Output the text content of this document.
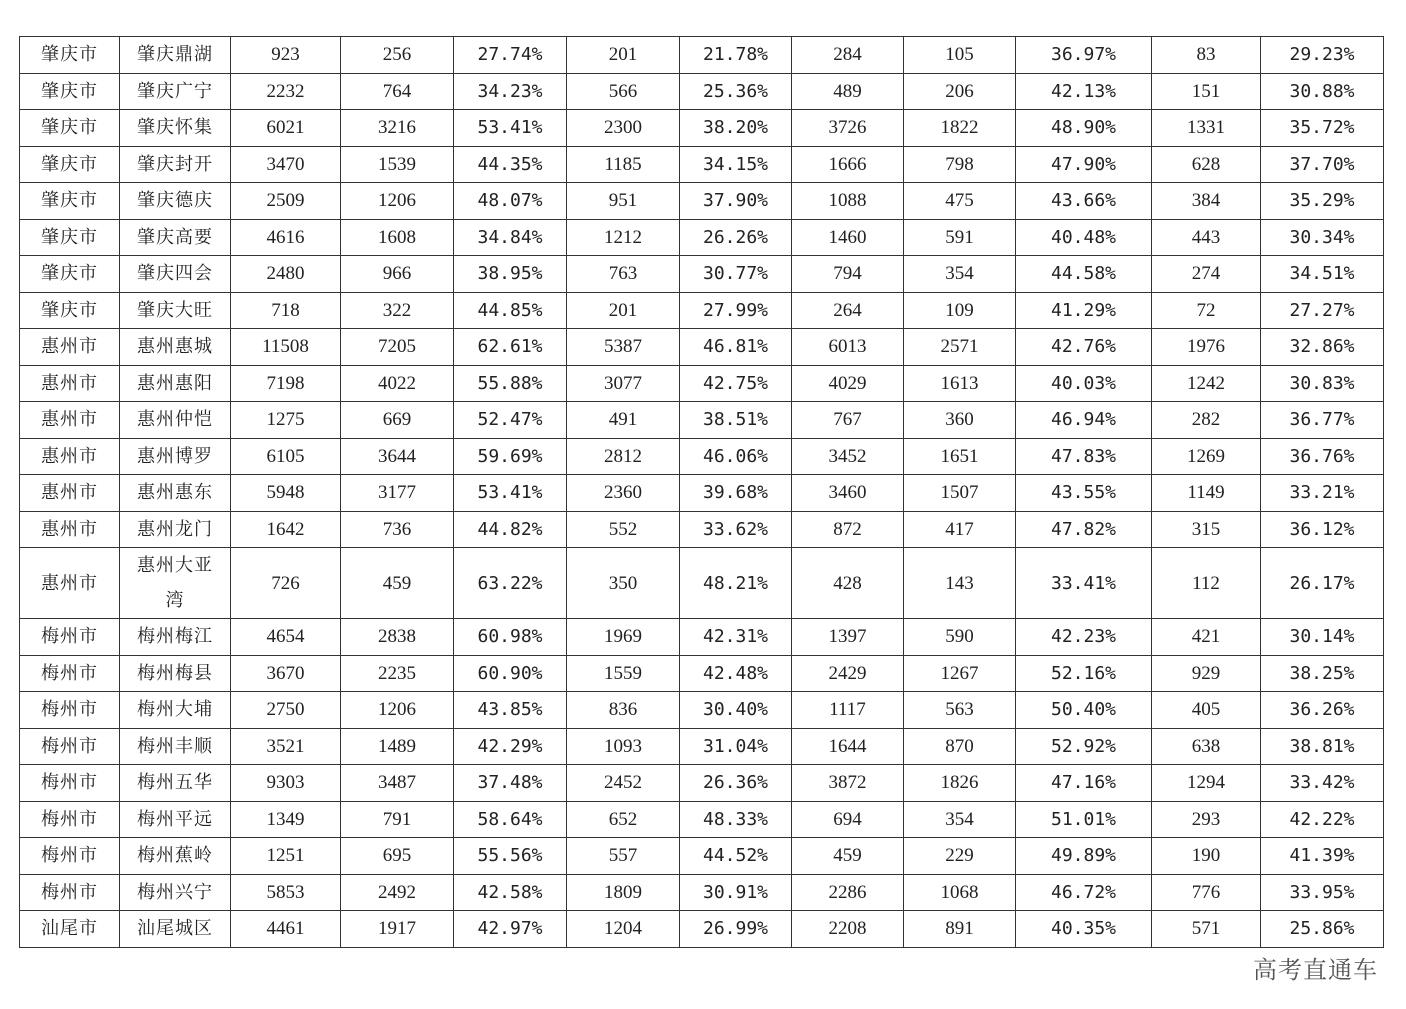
肇庆市	肇庆鼎湖	923	256	27.74%	201	21.78%	284	105	36.97%	83	29.23%
肇庆市	肇庆广宁	2232	764	34.23%	566	25.36%	489	206	42.13%	151	30.88%
肇庆市	肇庆怀集	6021	3216	53.41%	2300	38.20%	3726	1822	48.90%	1331	35.72%
肇庆市	肇庆封开	3470	1539	44.35%	1185	34.15%	1666	798	47.90%	628	37.70%
肇庆市	肇庆德庆	2509	1206	48.07%	951	37.90%	1088	475	43.66%	384	35.29%
肇庆市	肇庆高要	4616	1608	34.84%	1212	26.26%	1460	591	40.48%	443	30.34%
肇庆市	肇庆四会	2480	966	38.95%	763	30.77%	794	354	44.58%	274	34.51%
肇庆市	肇庆大旺	718	322	44.85%	201	27.99%	264	109	41.29%	72	27.27%
惠州市	惠州惠城	11508	7205	62.61%	5387	46.81%	6013	2571	42.76%	1976	32.86%
惠州市	惠州惠阳	7198	4022	55.88%	3077	42.75%	4029	1613	40.03%	1242	30.83%
惠州市	惠州仲恺	1275	669	52.47%	491	38.51%	767	360	46.94%	282	36.77%
惠州市	惠州博罗	6105	3644	59.69%	2812	46.06%	3452	1651	47.83%	1269	36.76%
惠州市	惠州惠东	5948	3177	53.41%	2360	39.68%	3460	1507	43.55%	1149	33.21%
惠州市	惠州龙门	1642	736	44.82%	552	33.62%	872	417	47.82%	315	36.12%
惠州市	惠州大亚湾	726	459	63.22%	350	48.21%	428	143	33.41%	112	26.17%
梅州市	梅州梅江	4654	2838	60.98%	1969	42.31%	1397	590	42.23%	421	30.14%
梅州市	梅州梅县	3670	2235	60.90%	1559	42.48%	2429	1267	52.16%	929	38.25%
梅州市	梅州大埔	2750	1206	43.85%	836	30.40%	1117	563	50.40%	405	36.26%
梅州市	梅州丰顺	3521	1489	42.29%	1093	31.04%	1644	870	52.92%	638	38.81%
梅州市	梅州五华	9303	3487	37.48%	2452	26.36%	3872	1826	47.16%	1294	33.42%
梅州市	梅州平远	1349	791	58.64%	652	48.33%	694	354	51.01%	293	42.22%
梅州市	梅州蕉岭	1251	695	55.56%	557	44.52%	459	229	49.89%	190	41.39%
梅州市	梅州兴宁	5853	2492	42.58%	1809	30.91%	2286	1068	46.72%	776	33.95%
汕尾市	汕尾城区	4461	1917	42.97%	1204	26.99%	2208	891	40.35%	571	25.86%
高考直通车
